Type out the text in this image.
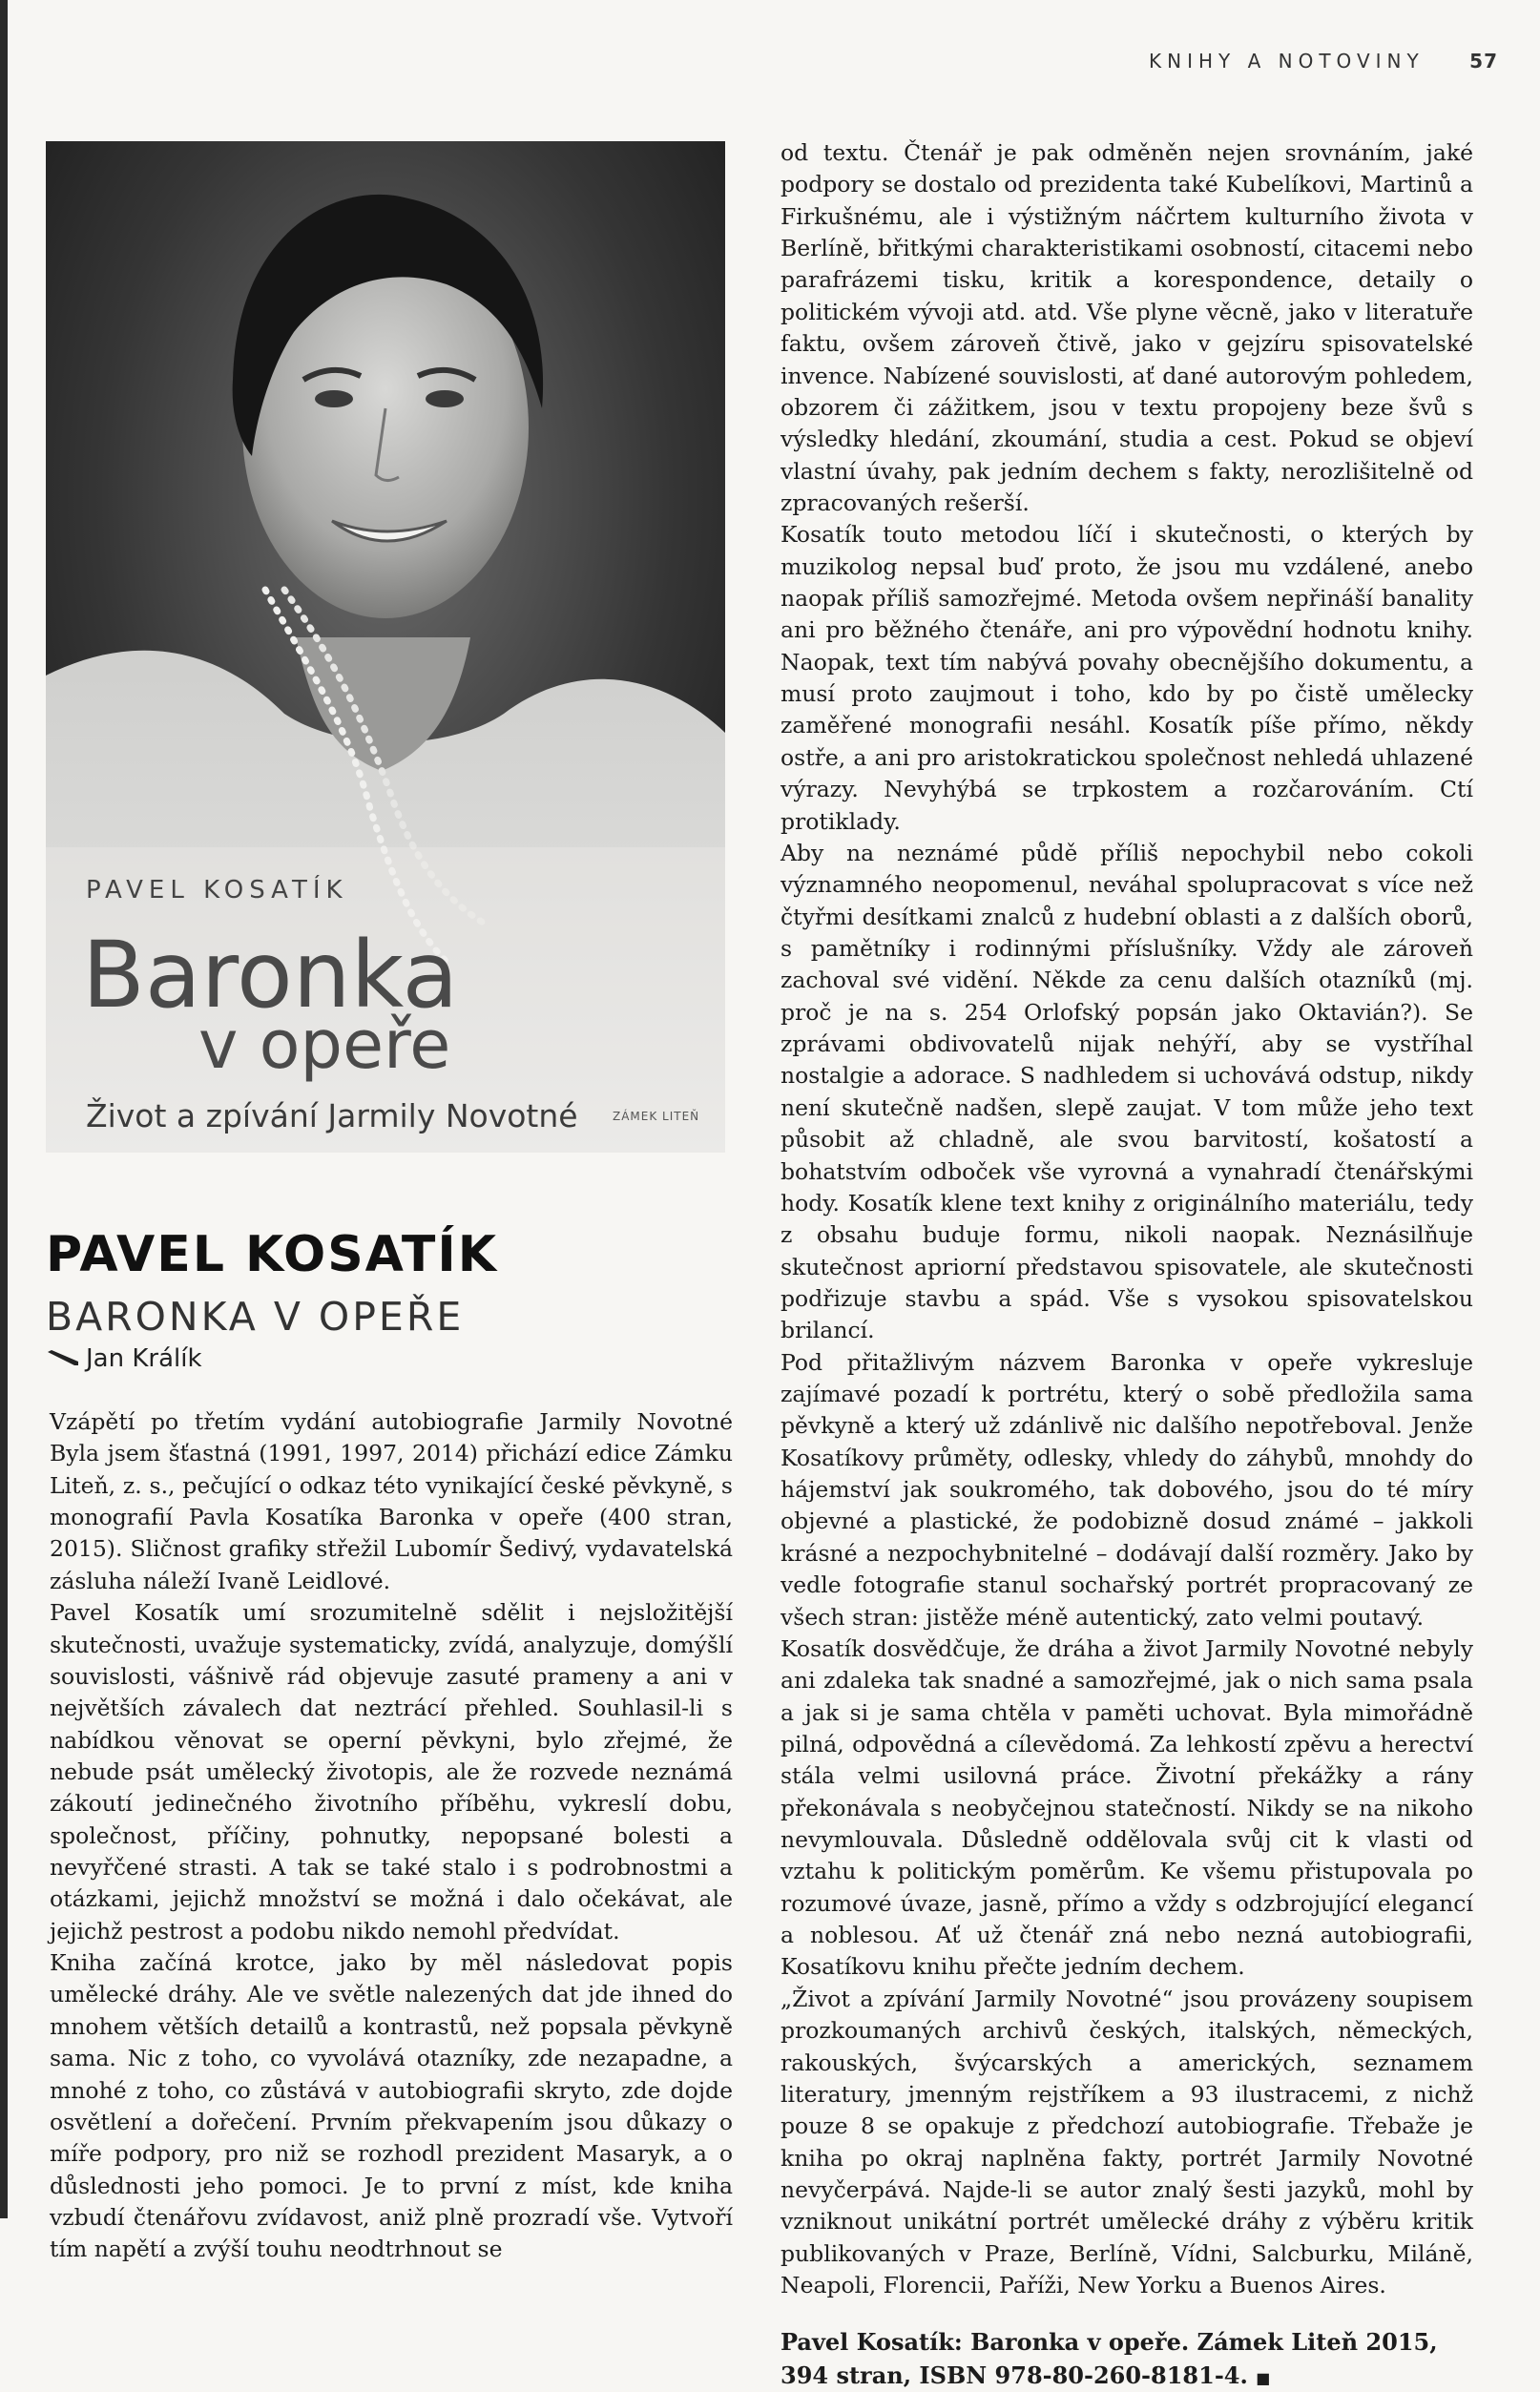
KNIHY A NOTOVINY 57
PAVEL KOSATÍK
Baronka
v opeře
Život a zpívání Jarmily Novotné	ZÁMEK LITEŇ
PAVEL KOSATÍK
BARONKA V OPEŘE
Jan Králík

Vzápětí po třetím vydání autobiografie Jarmily Novotné Byla jsem šťastná (1991, 1997, 2014) přichází edice Zámku Liteň, z. s., pečující o odkaz této vynikající české pěvkyně, s monografií Pavla Kosatíka Baronka v opeře (400 stran, 2015). Sličnost grafiky střežil Lubomír Šedivý, vydavatelská zásluha náleží Ivaně Leidlové.

Pavel Kosatík umí srozumitelně sdělit i nejsložitější skutečnosti, uvažuje systematicky, zvídá, analyzuje, domýšlí souvislosti, vášnivě rád objevuje zasuté prameny a ani v největších závalech dat neztrácí přehled. Souhlasil-li s nabídkou věnovat se operní pěvkyni, bylo zřejmé, že nebude psát umělecký životopis, ale že rozvede neznámá zákoutí jedinečného životního příběhu, vykreslí dobu, společnost, příčiny, pohnutky, nepopsané bolesti a nevyřčené strasti. A tak se také stalo i s podrobnostmi a otázkami, jejichž množství se možná i dalo očekávat, ale jejichž pestrost a podobu nikdo nemohl předvídat.

Kniha začíná krotce, jako by měl následovat popis umělecké dráhy. Ale ve světle nalezených dat jde ihned do mnohem větších detailů a kontrastů, než popsala pěvkyně sama. Nic z toho, co vyvolává otazníky, zde nezapadne, a mnohé z toho, co zůstává v autobiografii skryto, zde dojde osvětlení a dořečení. Prvním překvapením jsou důkazy o míře podpory, pro niž se rozhodl prezident Masaryk, a o důslednosti jeho pomoci. Je to první z míst, kde kniha vzbudí čtenářovu zvídavost, aniž plně prozradí vše. Vytvoří tím napětí a zvýší touhu neodtrhnout se

od textu. Čtenář je pak odměněn nejen srovnáním, jaké podpory se dostalo od prezidenta také Kubelíkovi, Martinů a Firkušnému, ale i výstižným náčrtem kulturního života v Berlíně, břitkými charakteristikami osobností, citacemi nebo parafrázemi tisku, kritik a korespondence, detaily o politickém vývoji atd. atd. Vše plyne věcně, jako v literatuře faktu, ovšem zároveň čtivě, jako v gejzíru spisovatelské invence. Nabízené souvislosti, ať dané autorovým pohledem, obzorem či zážitkem, jsou v textu propojeny beze švů s výsledky hledání, zkoumání, studia a cest. Pokud se objeví vlastní úvahy, pak jedním dechem s fakty, nerozlišitelně od zpracovaných rešerší.

Kosatík touto metodou líčí i skutečnosti, o kterých by muzikolog nepsal buď proto, že jsou mu vzdálené, anebo naopak příliš samozřejmé. Metoda ovšem nepřináší banality ani pro běžného čtenáře, ani pro výpovědní hodnotu knihy. Naopak, text tím nabývá povahy obecnějšího dokumentu, a musí proto zaujmout i toho, kdo by po čistě umělecky zaměřené monografii nesáhl. Kosatík píše přímo, někdy ostře, a ani pro aristokratickou společnost nehledá uhlazené výrazy. Nevyhýbá se trpkostem a rozčarováním. Ctí protiklady.

Aby na neznámé půdě příliš nepochybil nebo cokoli významného neopomenul, neváhal spolupracovat s více než čtyřmi desítkami znalců z hudební oblasti a z dalších oborů, s pamětníky i rodinnými příslušníky. Vždy ale zároveň zachoval své vidění. Někde za cenu dalších otazníků (mj. proč je na s. 254 Orlofský popsán jako Oktavián?). Se zprávami obdivovatelů nijak nehýří, aby se vystříhal nostalgie a adorace. S nadhledem si uchovává odstup, nikdy není skutečně nadšen, slepě zaujat. V tom může jeho text působit až chladně, ale svou barvitostí, košatostí a bohatstvím odboček vše vyrovná a vynahradí čtenářskými hody. Kosatík klene text knihy z originálního materiálu, tedy z obsahu buduje formu, nikoli naopak. Neznásilňuje skutečnost apriorní představou spisovatele, ale skutečnosti podřizuje stavbu a spád. Vše s vysokou spisovatelskou brilancí.

Pod přitažlivým názvem Baronka v opeře vykresluje zajímavé pozadí k portrétu, který o sobě předložila sama pěvkyně a který už zdánlivě nic dalšího nepotřeboval. Jenže Kosatíkovy průměty, odlesky, vhledy do záhybů, mnohdy do hájemství jak soukromého, tak dobového, jsou do té míry objevné a plastické, že podobizně dosud známé – jakkoli krásné a nezpochybnitelné – dodávají další rozměry. Jako by vedle fotografie stanul sochařský portrét propracovaný ze všech stran: jistěže méně autentický, zato velmi poutavý.

Kosatík dosvědčuje, že dráha a život Jarmily Novotné nebyly ani zdaleka tak snadné a samozřejmé, jak o nich sama psala a jak si je sama chtěla v paměti uchovat. Byla mimořádně pilná, odpovědná a cílevědomá. Za lehkostí zpěvu a herectví stála velmi usilovná práce. Životní překážky a rány překonávala s neobyčejnou statečností. Nikdy se na nikoho nevymlouvala. Důsledně oddělovala svůj cit k vlasti od vztahu k politickým poměrům. Ke všemu přistupovala po rozumové úvaze, jasně, přímo a vždy s odzbrojující elegancí a noblesou. Ať už čtenář zná nebo nezná autobiografii, Kosatíkovu knihu přečte jedním dechem.

„Život a zpívání Jarmily Novotné“ jsou provázeny soupisem prozkoumaných archivů českých, italských, německých, rakouských, švýcarských a amerických, seznamem literatury, jmenným rejstříkem a 93 ilustracemi, z nichž pouze 8 se opakuje z předchozí autobiografie. Třebaže je kniha po okraj naplněna fakty, portrét Jarmily Novotné nevyčerpává. Najde-li se autor znalý šesti jazyků, mohl by vzniknout unikátní portrét umělecké dráhy z výběru kritik publikovaných v Praze, Berlíně, Vídni, Salcburku, Miláně, Neapoli, Florencii, Paříži, New Yorku a Buenos Aires.

Pavel Kosatík: Baronka v opeře. Zámek Liteň 2015, 394 stran, ISBN 978-80-260-8181-4. ■
